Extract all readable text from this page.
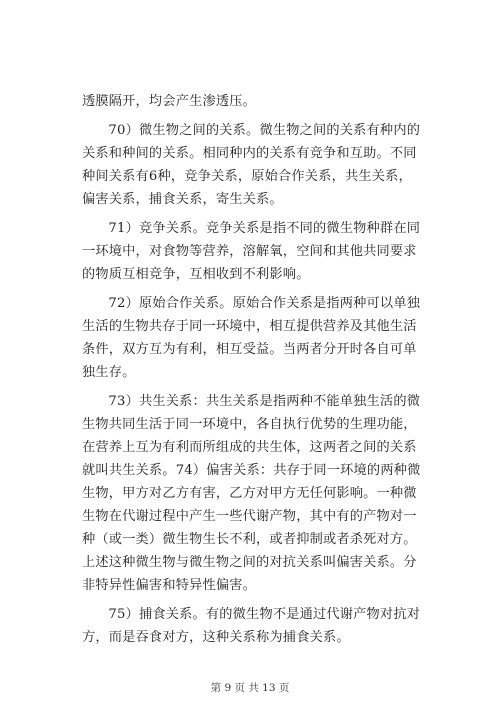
透膜隔开，均会产生渗透压。

70）微生物之间的关系。微生物之间的关系有种内的关系和种间的关系。相同种内的关系有竞争和互助。不同种间关系有6种，竞争关系，原始合作关系，共生关系，偏害关系，捕食关系，寄生关系。

71）竞争关系。竞争关系是指不同的微生物种群在同一环境中，对食物等营养，溶解氧，空间和其他共同要求的物质互相竞争，互相收到不利影响。

72）原始合作关系。原始合作关系是指两种可以单独生活的生物共存于同一环境中，相互提供营养及其他生活条件，双方互为有利，相互受益。当两者分开时各自可单独生存。

73）共生关系：共生关系是指两种不能单独生活的微生物共同生活于同一环境中，各自执行优势的生理功能，在营养上互为有利而所组成的共生体，这两者之间的关系就叫共生关系。74）偏害关系：共存于同一环境的两种微生物，甲方对乙方有害，乙方对甲方无任何影响。一种微生物在代谢过程中产生一些代谢产物，其中有的产物对一种（或一类）微生物生长不利，或者抑制或者杀死对方。上述这种微生物与微生物之间的对抗关系叫偏害关系。分非特异性偏害和特异性偏害。

75）捕食关系。有的微生物不是通过代谢产物对抗对方，而是吞食对方，这种关系称为捕食关系。

第 9 页 共 13 页
